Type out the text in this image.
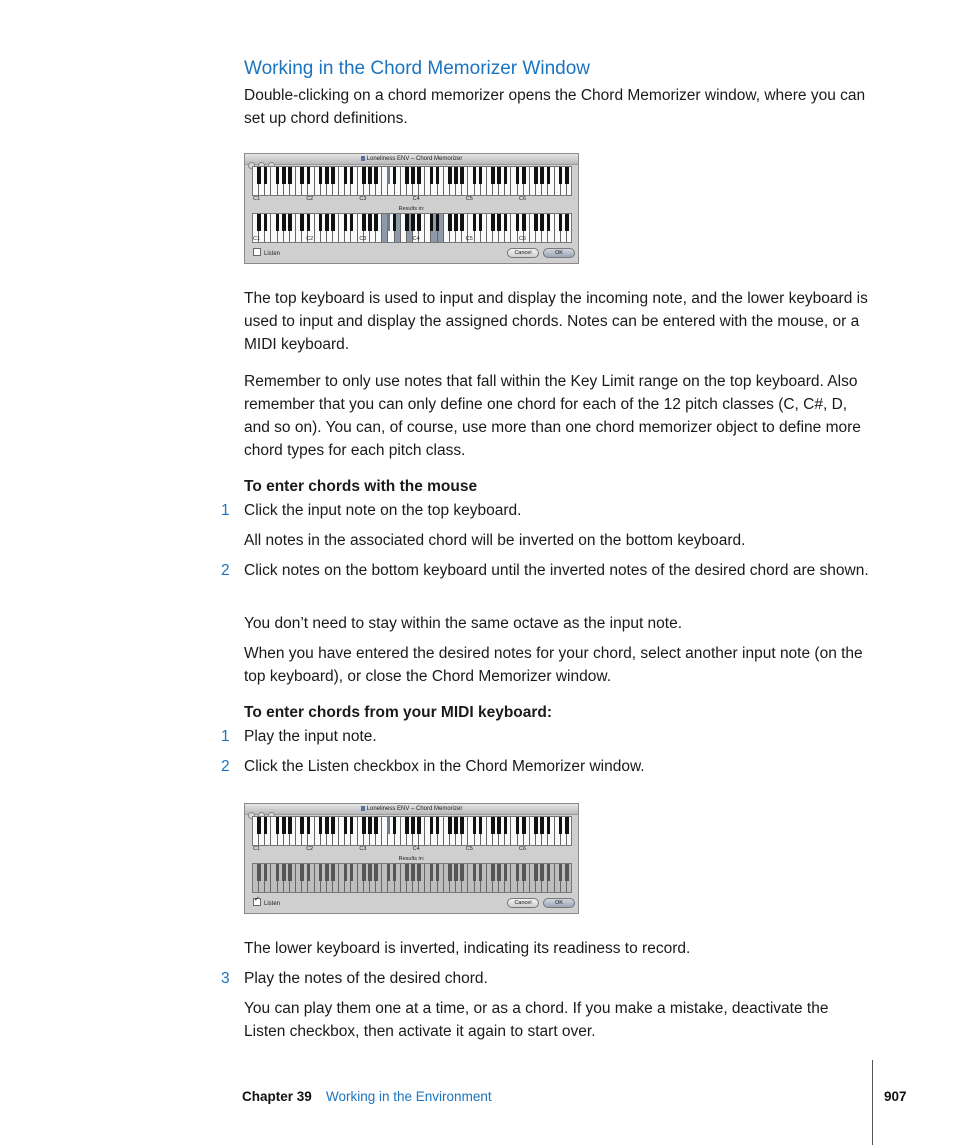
Working in the Chord Memorizer Window

Double-clicking on a chord memorizer opens the Chord Memorizer window, where you can set up chord definitions.

Loneliness ENV – Chord Memorizer
C1	C2	C3	C4	C5	C6
Results in:
C1	C2	C3	C4	C5	C6
Listen	Cancel	OK

The top keyboard is used to input and display the incoming note, and the lower keyboard is used to input and display the assigned chords. Notes can be entered with the mouse, or a MIDI keyboard.

Remember to only use notes that fall within the Key Limit range on the top keyboard. Also remember that you can only define one chord for each of the 12 pitch classes (C, C#, D, and so on). You can, of course, use more than one chord memorizer object to define more chord types for each pitch class.

To enter chords with the mouse

1 Click the input note on the top keyboard.

All notes in the associated chord will be inverted on the bottom keyboard.

2 Click notes on the bottom keyboard until the inverted notes of the desired chord are shown.

You don’t need to stay within the same octave as the input note.

When you have entered the desired notes for your chord, select another input note (on the top keyboard), or close the Chord Memorizer window.

To enter chords from your MIDI keyboard:

1 Play the input note.

2 Click the Listen checkbox in the Chord Memorizer window.

Loneliness ENV – Chord Memorizer
C1	C2	C3	C4	C5	C6
Results in:
✓Listen	Cancel	OK

The lower keyboard is inverted, indicating its readiness to record.

3 Play the notes of the desired chord.

You can play them one at a time, or as a chord. If you make a mistake, deactivate the Listen checkbox, then activate it again to start over.

Chapter 39 Working in the Environment	907
